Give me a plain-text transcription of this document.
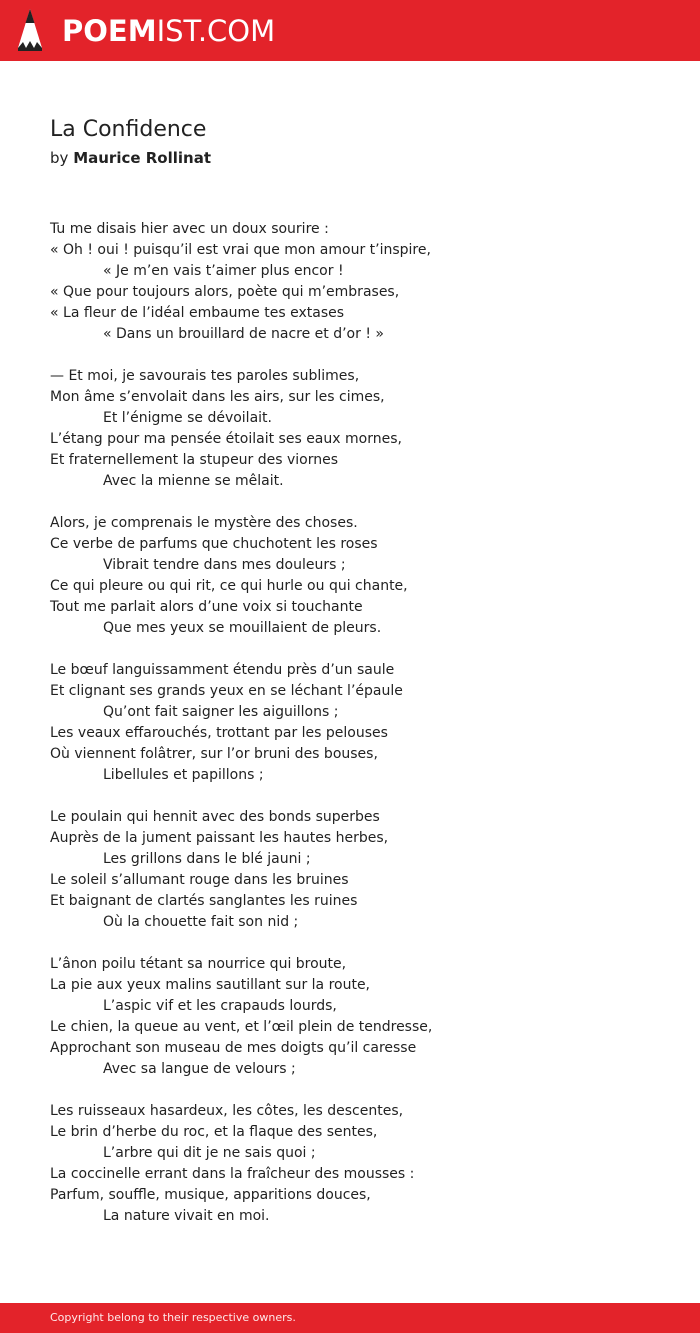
POEMIST.COM
La Confidence
by Maurice Rollinat
Tu me disais hier avec un doux sourire :
« Oh ! oui ! puisqu’il est vrai que mon amour t’inspire,
« Je m’en vais t’aimer plus encor !
« Que pour toujours alors, poète qui m’embrases,
« La fleur de l’idéal embaume tes extases
« Dans un brouillard de nacre et d’or ! »
— Et moi, je savourais tes paroles sublimes,
Mon âme s’envolait dans les airs, sur les cimes,
Et l’énigme se dévoilait.
L’étang pour ma pensée étoilait ses eaux mornes,
Et fraternellement la stupeur des viornes
Avec la mienne se mêlait.
Alors, je comprenais le mystère des choses.
Ce verbe de parfums que chuchotent les roses
Vibrait tendre dans mes douleurs ;
Ce qui pleure ou qui rit, ce qui hurle ou qui chante,
Tout me parlait alors d’une voix si touchante
Que mes yeux se mouillaient de pleurs.
Le bœuf languissamment étendu près d’un saule
Et clignant ses grands yeux en se léchant l’épaule
Qu’ont fait saigner les aiguillons ;
Les veaux effarouchés, trottant par les pelouses
Où viennent folâtrer, sur l’or bruni des bouses,
Libellules et papillons ;
Le poulain qui hennit avec des bonds superbes
Auprès de la jument paissant les hautes herbes,
Les grillons dans le blé jauni ;
Le soleil s’allumant rouge dans les bruines
Et baignant de clartés sanglantes les ruines
Où la chouette fait son nid ;
L’ânon poilu tétant sa nourrice qui broute,
La pie aux yeux malins sautillant sur la route,
L’aspic vif et les crapauds lourds,
Le chien, la queue au vent, et l’œil plein de tendresse,
Approchant son museau de mes doigts qu’il caresse
Avec sa langue de velours ;
Les ruisseaux hasardeux, les côtes, les descentes,
Le brin d’herbe du roc, et la flaque des sentes,
L’arbre qui dit je ne sais quoi ;
La coccinelle errant dans la fraîcheur des mousses :
Parfum, souffle, musique, apparitions douces,
La nature vivait en moi.
Copyright belong to their respective owners.
